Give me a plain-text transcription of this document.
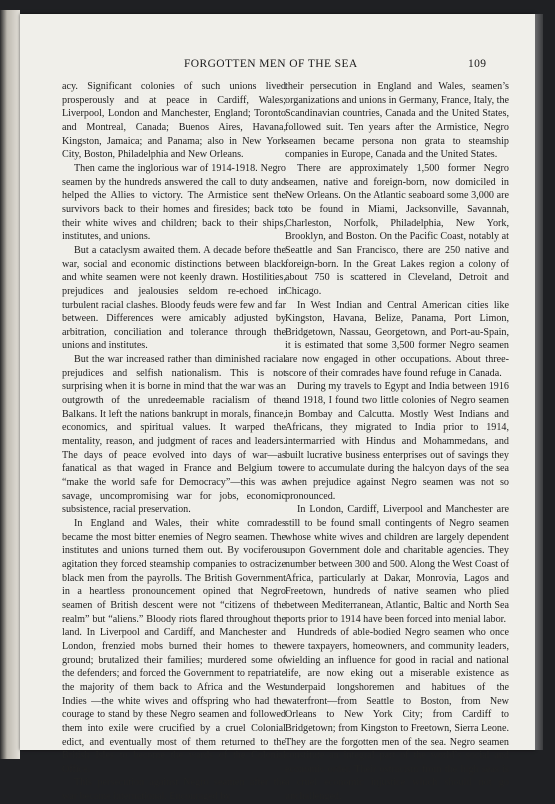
FORGOTTEN MEN OF THE SEA	109

acy. Significant colonies of such unions lived prosperously and at peace in Cardiff, Wales; Liverpool, London and Manchester, England; Toronto and Montreal, Canada; Buenos Aires, Havana, Kingston, Jamaica; and Panama; also in New York City, Boston, Philadelphia and New Orleans.

Then came the inglorious war of 1914-1918. Negro seamen by the hundreds answered the call to duty and helped the Allies to victory. The Armistice sent the survivors back to their homes and firesides; back to their white wives and children; back to their ships, institutes, and unions.

But a cataclysm awaited them. A decade before the war, social and economic distinctions between black and white seamen were not keenly drawn. Hostilities, prejudices and jealousies seldom re-echoed in turbulent racial clashes. Bloody feuds were few and far between. Differences were amicably adjusted by arbitration, conciliation and tolerance through the unions and institutes.

But the war increased rather than diminished racial prejudices and selfish nationalism. This is not surprising when it is borne in mind that the war was an outgrowth of the unredeemable racialism of the Balkans. It left the nations bankrupt in morals, finance, economics, and spiritual values. It warped the mentality, reason, and judgment of races and leaders. The days of peace evolved into days of war—as fanatical as that waged in France and Belgium to “make the world safe for Democracy”—this was a savage, uncompromising war for jobs, economic subsistence, racial preservation.

In England and Wales, their white comrades became the most bitter enemies of Negro seamen. The institutes and unions turned them out. By vociferous agitation they forced steamship companies to ostracize black men from the payrolls. The British Government in a heartless pronouncement opined that Negro seamen of British descent were not “citizens of the realm” but “aliens.” Bloody riots flared throughout the land. In Liverpool and Cardiff, and Manchester and London, frenzied mobs burned their homes to the ground; brutalized their families; murdered some of the defenders; and forced the Government to repatriate the majority of them back to Africa and the West Indies —the white wives and offspring who had the courage to stand by these Negro seamen and followed them into exile were crucified by a cruel Colonial edict, and eventually most of them returned to the British Isles to become the wards of the Colonial Office.

This persecution against Negro seamen after the war became international. Encouraged by

their persecution in England and Wales, seamen’s organizations and unions in Germany, France, Italy, the Scandinavian countries, Canada and the United States, followed suit. Ten years after the Armistice, Negro seamen became persona non grata to steamship companies in Europe, Canada and the United States.

There are approximately 1,500 former Negro seamen, native and foreign-born, now domiciled in New Orleans. On the Atlantic seaboard some 3,000 are to be found in Miami, Jacksonville, Savannah, Charleston, Norfolk, Philadelphia, New York, Brooklyn, and Boston. On the Pacific Coast, notably at Seattle and San Francisco, there are 250 native and foreign-born. In the Great Lakes region a colony of about 750 is scattered in Cleveland, Detroit and Chicago.

In West Indian and Central American cities like Kingston, Havana, Belize, Panama, Port Limon, Bridgetown, Nassau, Georgetown, and Port-au-Spain, it is estimated that some 3,500 former Negro seamen are now engaged in other occupations. About three-score of their comrades have found refuge in Canada.

During my travels to Egypt and India between 1916 and 1918, I found two little colonies of Negro seamen in Bombay and Calcutta. Mostly West Indians and Africans, they migrated to India prior to 1914, intermarried with Hindus and Mohammedans, and built lucrative business enterprises out of savings they were to accumulate during the halcyon days of the sea when prejudice against Negro seamen was not so pronounced.

In London, Cardiff, Liverpool and Manchester are still to be found small contingents of Negro seamen whose white wives and children are largely dependent upon Government dole and charitable agencies. They number between 300 and 500. Along the West Coast of Africa, particularly at Dakar, Monrovia, Lagos and Freetown, hundreds of native seamen who plied between Mediterranean, Atlantic, Baltic and North Sea ports prior to 1914 have been forced into menial labor.

Hundreds of able-bodied Negro seamen who once were taxpayers, homeowners, and community leaders, wielding an influence for good in racial and national life, are now eking out a miserable existence as underpaid longshoremen and habitues of the waterfront—from Seattle to Boston, from New Orleans to New York City; from Cardiff to Bridgetown; from Kingston to Freetown, Sierra Leone. They are the forgotten men of the sea. Negro seamen constitute an integral part of the world’s social and economic order. Their ostracism from the high seas is a cruel economic injustice which should not go unchallenged.
